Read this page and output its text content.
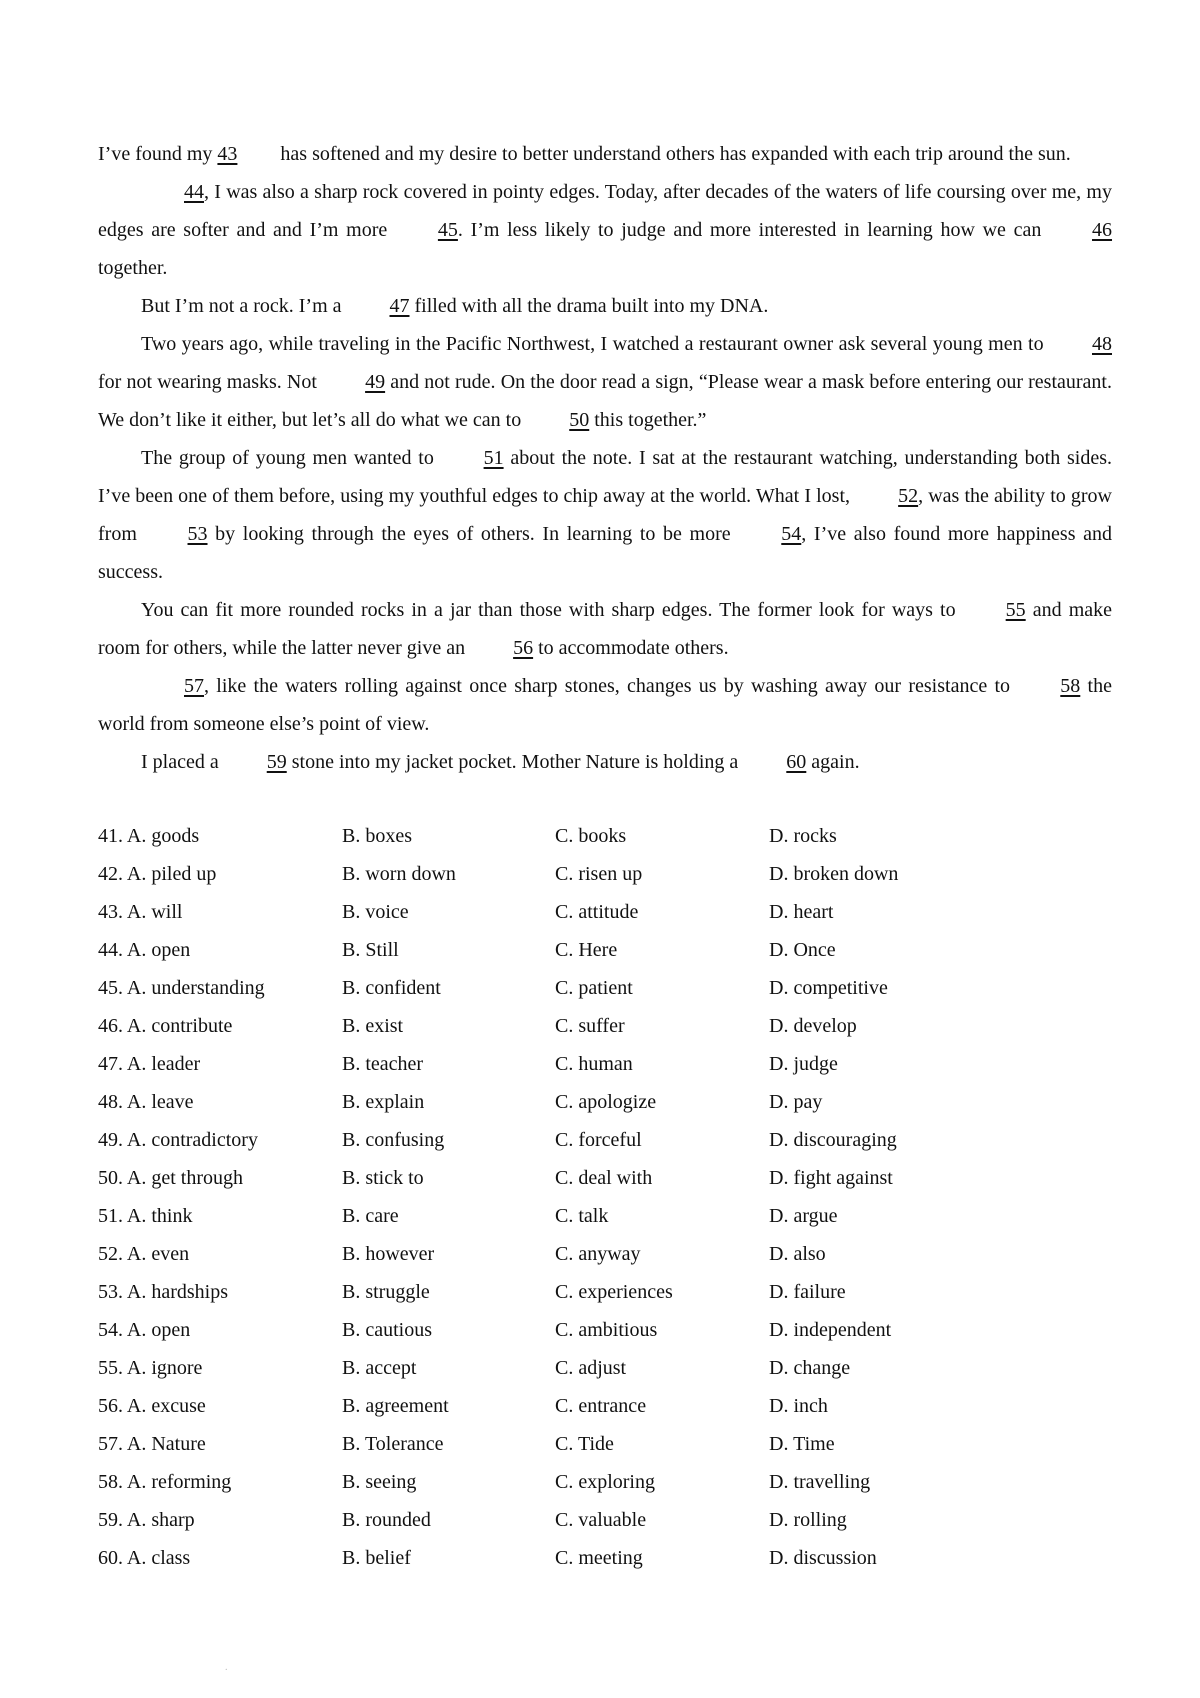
I’ve found my 43 has softened and my desire to better understand others has expanded with each trip around the sun.

44, I was also a sharp rock covered in pointy edges. Today, after decades of the waters of life coursing over me, my edges are softer and and I’m more 45. I’m less likely to judge and more interested in learning how we can 46 together.

But I’m not a rock. I’m a 47 filled with all the drama built into my DNA.

Two years ago, while traveling in the Pacific Northwest, I watched a restaurant owner ask several young men to 48 for not wearing masks. Not 49 and not rude. On the door read a sign, “Please wear a mask before entering our restaurant. We don’t like it either, but let’s all do what we can to 50 this together.”

The group of young men wanted to 51 about the note. I sat at the restaurant watching, understanding both sides. I’ve been one of them before, using my youthful edges to chip away at the world. What I lost, 52, was the ability to grow from 53 by looking through the eyes of others. In learning to be more 54, I’ve also found more happiness and success.

You can fit more rounded rocks in a jar than those with sharp edges. The former look for ways to 55 and make room for others, while the latter never give an 56 to accommodate others.

57, like the waters rolling against once sharp stones, changes us by washing away our resistance to 58 the world from someone else’s point of view.

I placed a 59 stone into my jacket pocket. Mother Nature is holding a 60 again.

41. A. goods	B. boxes	C. books	D. rocks
42. A. piled up	B. worn down	C. risen up	D. broken down
43. A. will	B. voice	C. attitude	D. heart
44. A. open	B. Still	C. Here	D. Once
45. A. understanding	B. confident	C. patient	D. competitive
46. A. contribute	B. exist	C. suffer	D. develop
47. A. leader	B. teacher	C. human	D. judge
48. A. leave	B. explain	C. apologize	D. pay
49. A. contradictory	B. confusing	C. forceful	D. discouraging
50. A. get through	B. stick to	C. deal with	D. fight against
51. A. think	B. care	C. talk	D. argue
52. A. even	B. however	C. anyway	D. also
53. A. hardships	B. struggle	C. experiences	D. failure
54. A. open	B. cautious	C. ambitious	D. independent
55. A. ignore	B. accept	C. adjust	D. change
56. A. excuse	B. agreement	C. entrance	D. inch
57. A. Nature	B. Tolerance	C. Tide	D. Time
58. A. reforming	B. seeing	C. exploring	D. travelling
59. A. sharp	B. rounded	C. valuable	D. rolling
60. A. class	B. belief	C. meeting	D. discussion
.
